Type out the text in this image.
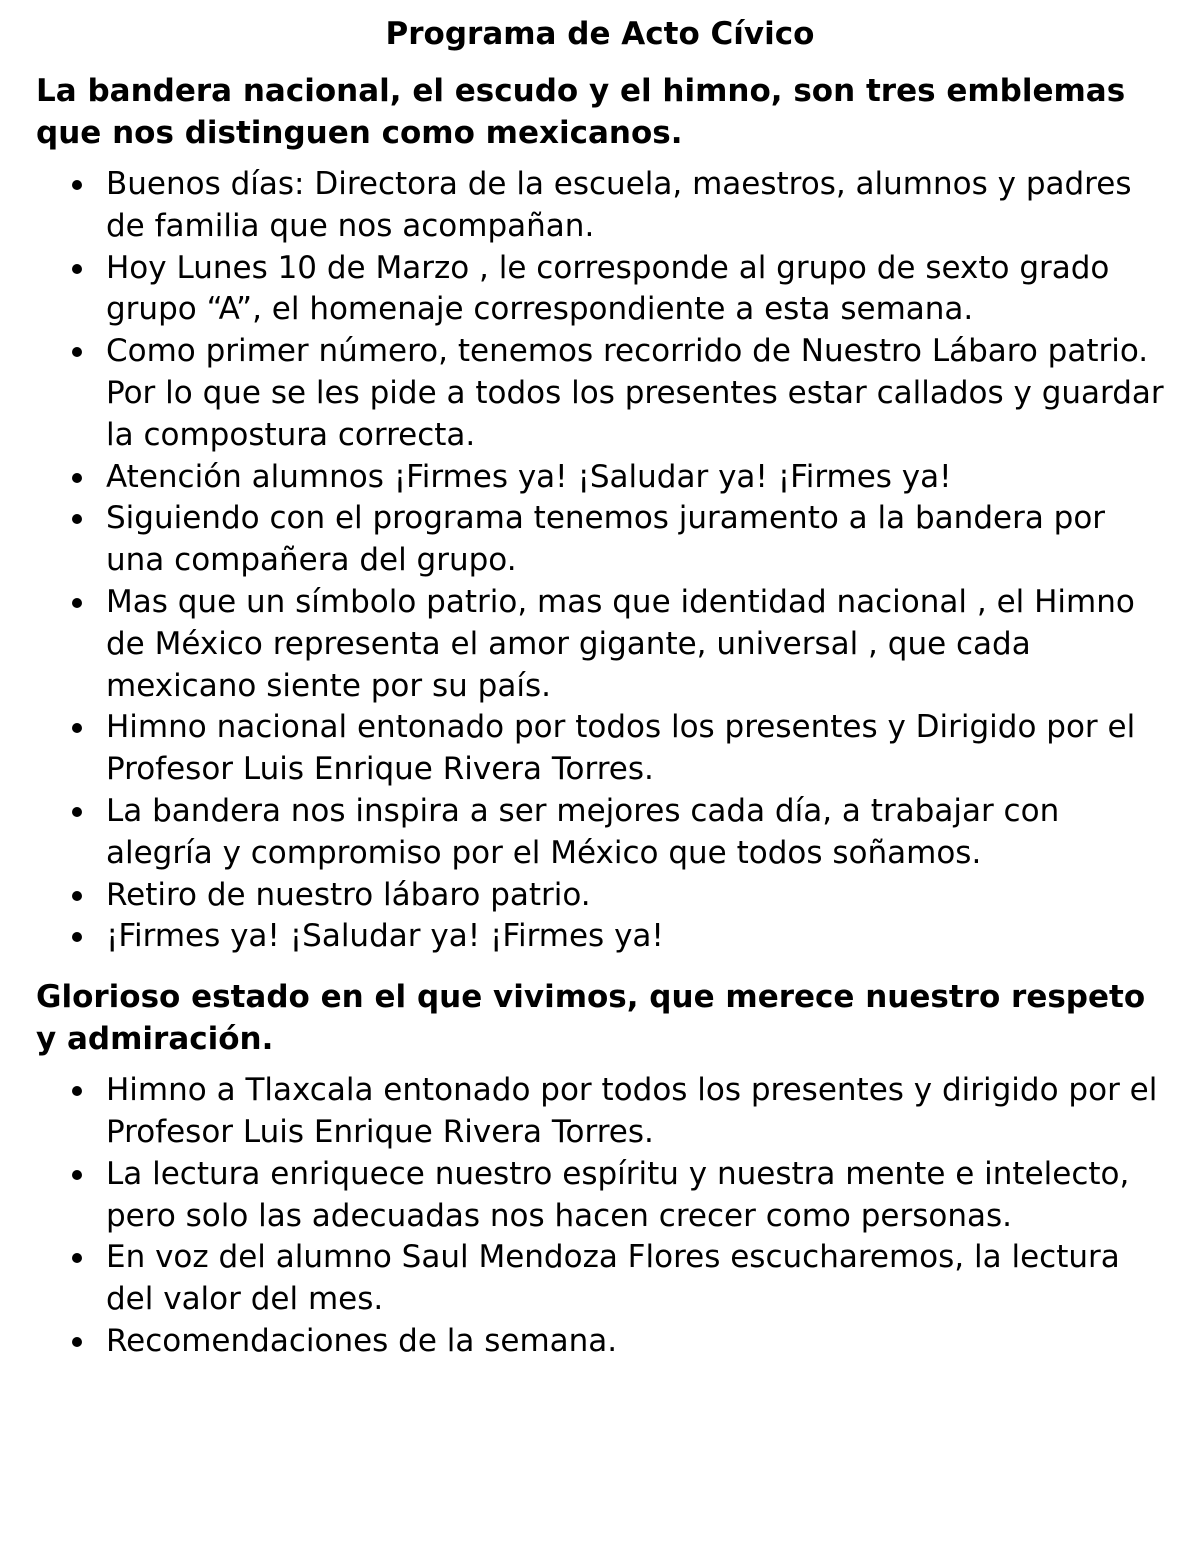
Programa de Acto Cívico
La bandera nacional, el escudo y el himno, son tres emblemas que nos distinguen como mexicanos.
Buenos días: Directora de la escuela, maestros, alumnos y padres de familia que nos acompañan.
Hoy Lunes 10 de Marzo , le corresponde al grupo de sexto grado grupo “A”, el homenaje correspondiente a esta semana.
Como primer número, tenemos recorrido de Nuestro Lábaro patrio.
Por lo que se les pide a todos los presentes estar callados y guardar la compostura correcta.
Atención alumnos ¡Firmes ya! ¡Saludar ya! ¡Firmes ya!
Siguiendo con el programa tenemos juramento a la bandera por una compañera del grupo.
Mas que un símbolo patrio, mas que identidad nacional , el Himno de México representa el amor gigante, universal , que cada mexicano siente por su país.
Himno nacional entonado por todos los presentes y Dirigido por el Profesor Luis Enrique Rivera Torres.
La bandera nos inspira a ser mejores cada día, a trabajar con alegría y compromiso por el México que todos soñamos.
Retiro de nuestro lábaro patrio.
¡Firmes ya! ¡Saludar ya! ¡Firmes ya!
Glorioso estado en el que vivimos, que merece nuestro respeto y admiración.
Himno a Tlaxcala entonado por todos los presentes y dirigido por el Profesor Luis Enrique Rivera Torres.
La lectura enriquece nuestro espíritu y nuestra mente e intelecto, pero solo las adecuadas nos hacen crecer como personas.
En voz del alumno Saul Mendoza Flores escucharemos, la lectura del valor del mes.
Recomendaciones de la semana.
